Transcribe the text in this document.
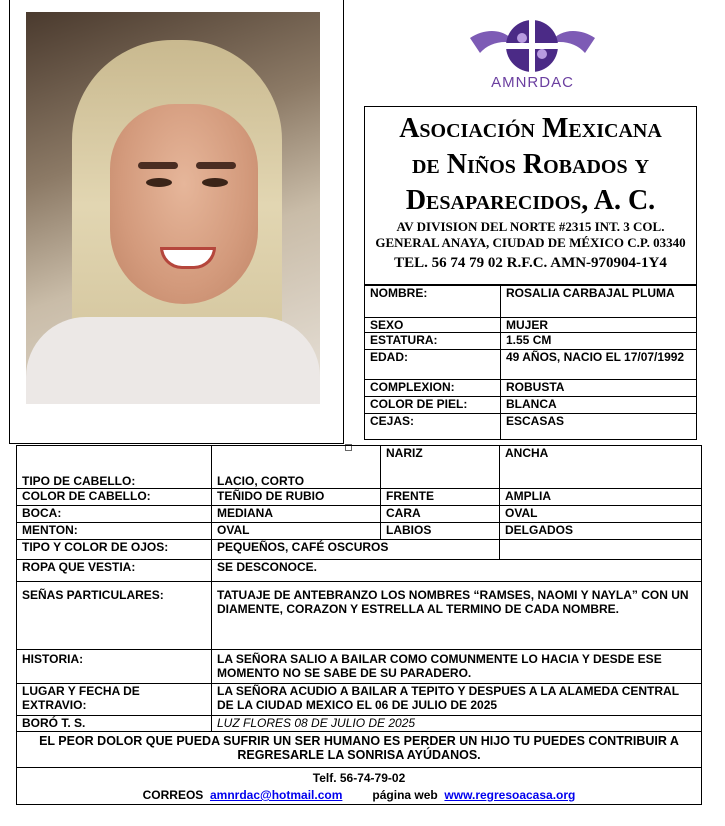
AMNRDAC
Asociación Mexicana
de Niños Robados y
Desaparecidos, A. C.
AV DIVISION DEL NORTE #2315 INT. 3 COL. GENERAL ANAYA, CIUDAD DE MÉXICO C.P. 03340
TEL. 56 74 79 02 R.F.C. AMN-970904-1Y4
NOMBRE:	ROSALIA CARBAJAL PLUMA
SEXO	MUJER
ESTATURA:	1.55 CM
EDAD:	49 AÑOS, NACIO EL 17/07/1992
COMPLEXION:	ROBUSTA
COLOR DE PIEL:	BLANCA
CEJAS:	ESCASAS
TIPO DE CABELLO:	LACIO, CORTO	NARIZ	ANCHA
COLOR DE CABELLO:	TEÑIDO DE RUBIO	FRENTE	AMPLIA
BOCA:	MEDIANA	CARA	OVAL
MENTON:	OVAL	LABIOS	DELGADOS
TIPO Y COLOR DE OJOS:	PEQUEÑOS, CAFÉ OSCUROS		
ROPA QUE VESTIA:	SE DESCONOCE.		
SEÑAS PARTICULARES:	TATUAJE DE ANTEBRANZO LOS NOMBRES “RAMSES, NAOMI Y NAYLA” CON UN DIAMENTE, CORAZON Y ESTRELLA AL TERMINO DE CADA NOMBRE.		
HISTORIA:	LA SEÑORA SALIO A BAILAR COMO COMUNMENTE LO HACIA Y DESDE ESE MOMENTO NO SE SABE DE SU PARADERO.		
LUGAR Y FECHA DE EXTRAVIO:	LA SEÑORA ACUDIO A BAILAR A TEPITO Y DESPUES A LA ALAMEDA CENTRAL DE LA CIUDAD MEXICO EL 06 DE JULIO DE 2025		
BORÓ T. S.	LUZ FLORES 08 DE JULIO DE 2025		
EL PEOR DOLOR QUE PUEDA SUFRIR UN SER HUMANO ES PERDER UN HIJO TU PUEDES CONTRIBUIR A REGRESARLE LA SONRISA AYÚDANOS.			

Telf. 56-74-79-02
CORREOS amnrdac@hotmail.com página web www.regresoacasa.org			
